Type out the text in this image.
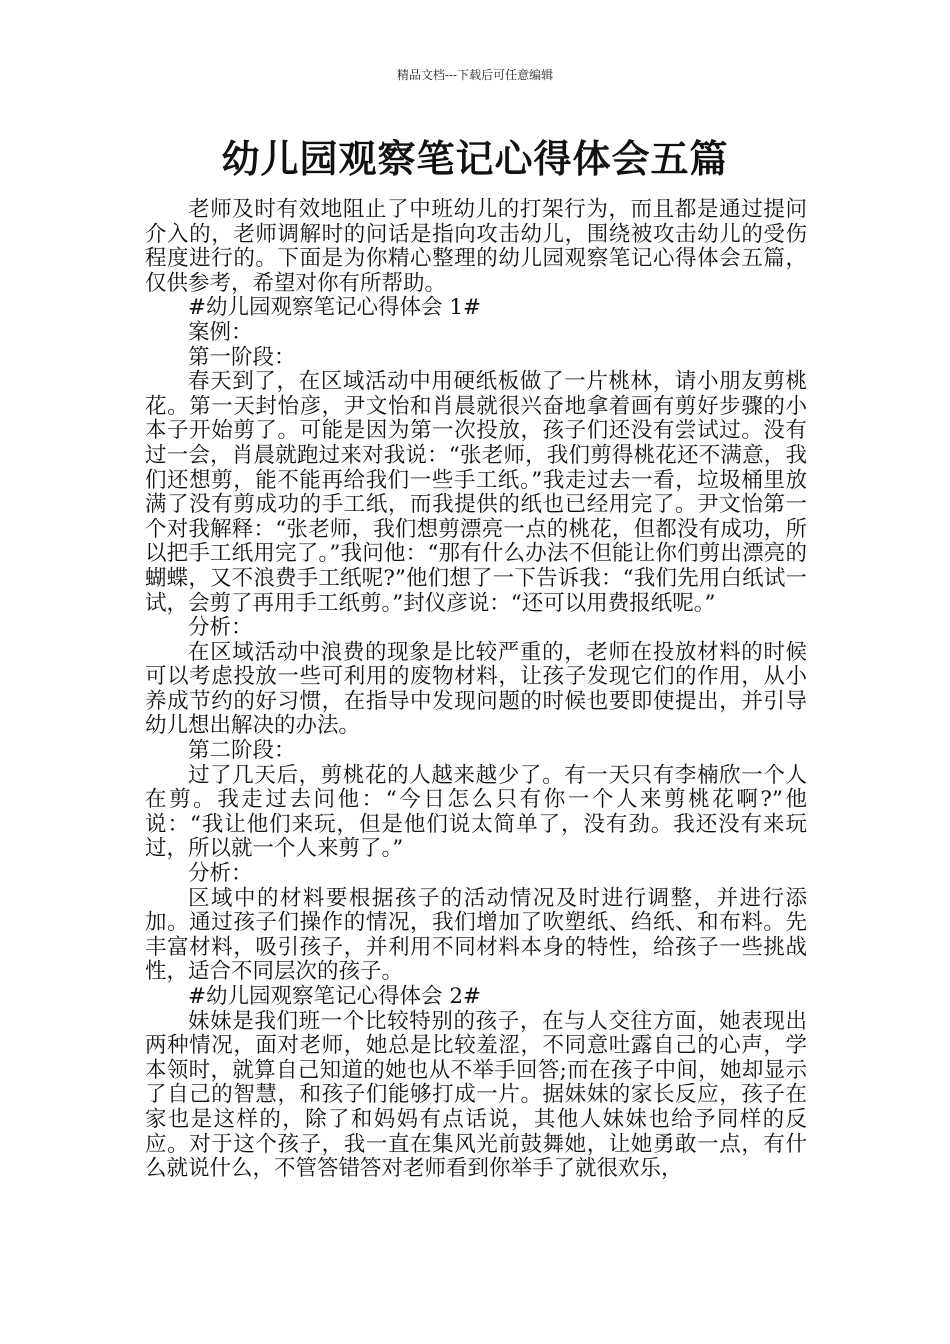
精品文档---下载后可任意编辑
幼儿园观察笔记心得体会五篇

老师及时有效地阻止了中班幼儿的打架行为，而且都是通过提问介入的，老师调解时的问话是指向攻击幼儿，围绕被攻击幼儿的受伤程度进行的。下面是为你精心整理的幼儿园观察笔记心得体会五篇，仅供参考，希望对你有所帮助。

#幼儿园观察笔记心得体会 1#

案例：

第一阶段：

春天到了，在区域活动中用硬纸板做了一片桃林，请小朋友剪桃花。第一天封怡彦，尹文怡和肖晨就很兴奋地拿着画有剪好步骤的小本子开始剪了。可能是因为第一次投放，孩子们还没有尝试过。没有过一会，肖晨就跑过来对我说：“张老师，我们剪得桃花还不满意，我们还想剪，能不能再给我们一些手工纸。”我走过去一看，垃圾桶里放满了没有剪成功的手工纸，而我提供的纸也已经用完了。尹文怡第一个对我解释：“张老师，我们想剪漂亮一点的桃花，但都没有成功，所以把手工纸用完了。”我问他：“那有什么办法不但能让你们剪出漂亮的蝴蝶，又不浪费手工纸呢?”他们想了一下告诉我：“我们先用白纸试一试，会剪了再用手工纸剪。”封仪彦说：“还可以用费报纸呢。”

分析：

在区域活动中浪费的现象是比较严重的，老师在投放材料的时候可以考虑投放一些可利用的废物材料，让孩子发现它们的作用，从小养成节约的好习惯，在指导中发现问题的时候也要即使提出，并引导幼儿想出解决的办法。

第二阶段：

过了几天后，剪桃花的人越来越少了。有一天只有李楠欣一个人在剪。我走过去问他：“今日怎么只有你一个人来剪桃花啊?”他说：“我让他们来玩，但是他们说太简单了，没有劲。我还没有来玩过，所以就一个人来剪了。”

分析：

区域中的材料要根据孩子的活动情况及时进行调整，并进行添加。通过孩子们操作的情况，我们增加了吹塑纸、绉纸、和布料。先丰富材料，吸引孩子，并利用不同材料本身的特性，给孩子一些挑战性，适合不同层次的孩子。

#幼儿园观察笔记心得体会 2#

妹妹是我们班一个比较特别的孩子，在与人交往方面，她表现出两种情况，面对老师，她总是比较羞涩，不同意吐露自己的心声，学本领时，就算自己知道的她也从不举手回答;而在孩子中间，她却显示了自己的智慧，和孩子们能够打成一片。据妹妹的家长反应，孩子在家也是这样的，除了和妈妈有点话说，其他人妹妹也给予同样的反应。对于这个孩子，我一直在集风光前鼓舞她，让她勇敢一点，有什么就说什么，不管答错答对老师看到你举手了就很欢乐，
